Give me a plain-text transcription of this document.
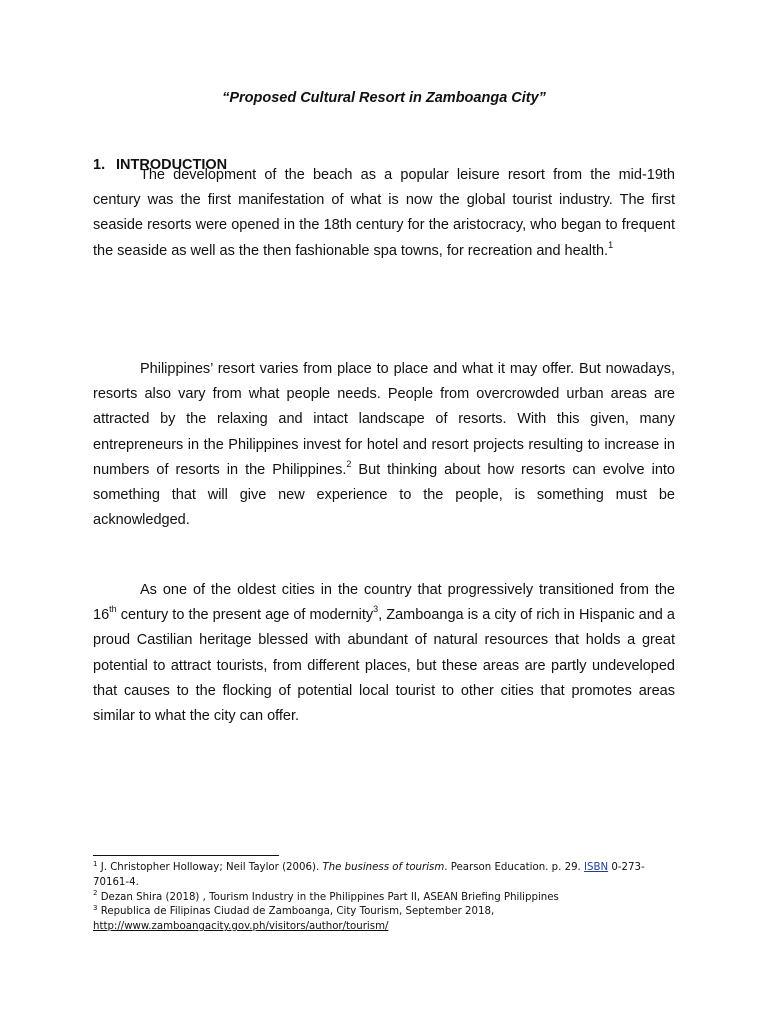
“Proposed Cultural Resort in Zamboanga City”
1. INTRODUCTION

The development of the beach as a popular leisure resort from the mid-19th century was the first manifestation of what is now the global tourist industry. The first seaside resorts were opened in the 18th century for the aristocracy, who began to frequent the seaside as well as the then fashionable spa towns, for recreation and health.$^1$

Philippines’ resort varies from place to place and what it may offer. But nowadays, resorts also vary from what people needs. People from overcrowded urban areas are attracted by the relaxing and intact landscape of resorts. With this given, many entrepreneurs in the Philippines invest for hotel and resort projects resulting to increase in numbers of resorts in the Philippines.$^2$ But thinking about how resorts can evolve into something that will give new experience to the people, is something must be acknowledged.

As one of the oldest cities in the country that progressively transitioned from the 16th century to the present age of modernity$^3$, Zamboanga is a city of rich in Hispanic and a proud Castilian heritage blessed with abundant of natural resources that holds a great potential to attract tourists, from different places, but these areas are partly undeveloped that causes to the flocking of potential local tourist to other cities that promotes areas similar to what the city can offer.

$^1$ J. Christopher Holloway; Neil Taylor (2006). The business of tourism. Pearson Education. p. 29. ISBN 0-273-70161-4.

$^2$ Dezan Shira (2018) , Tourism Industry in the Philippines Part II, ASEAN Briefing Philippines

$^3$ Republica de Filipinas Ciudad de Zamboanga, City Tourism, September 2018,
http://www.zamboangacity.gov.ph/visitors/author/tourism/
